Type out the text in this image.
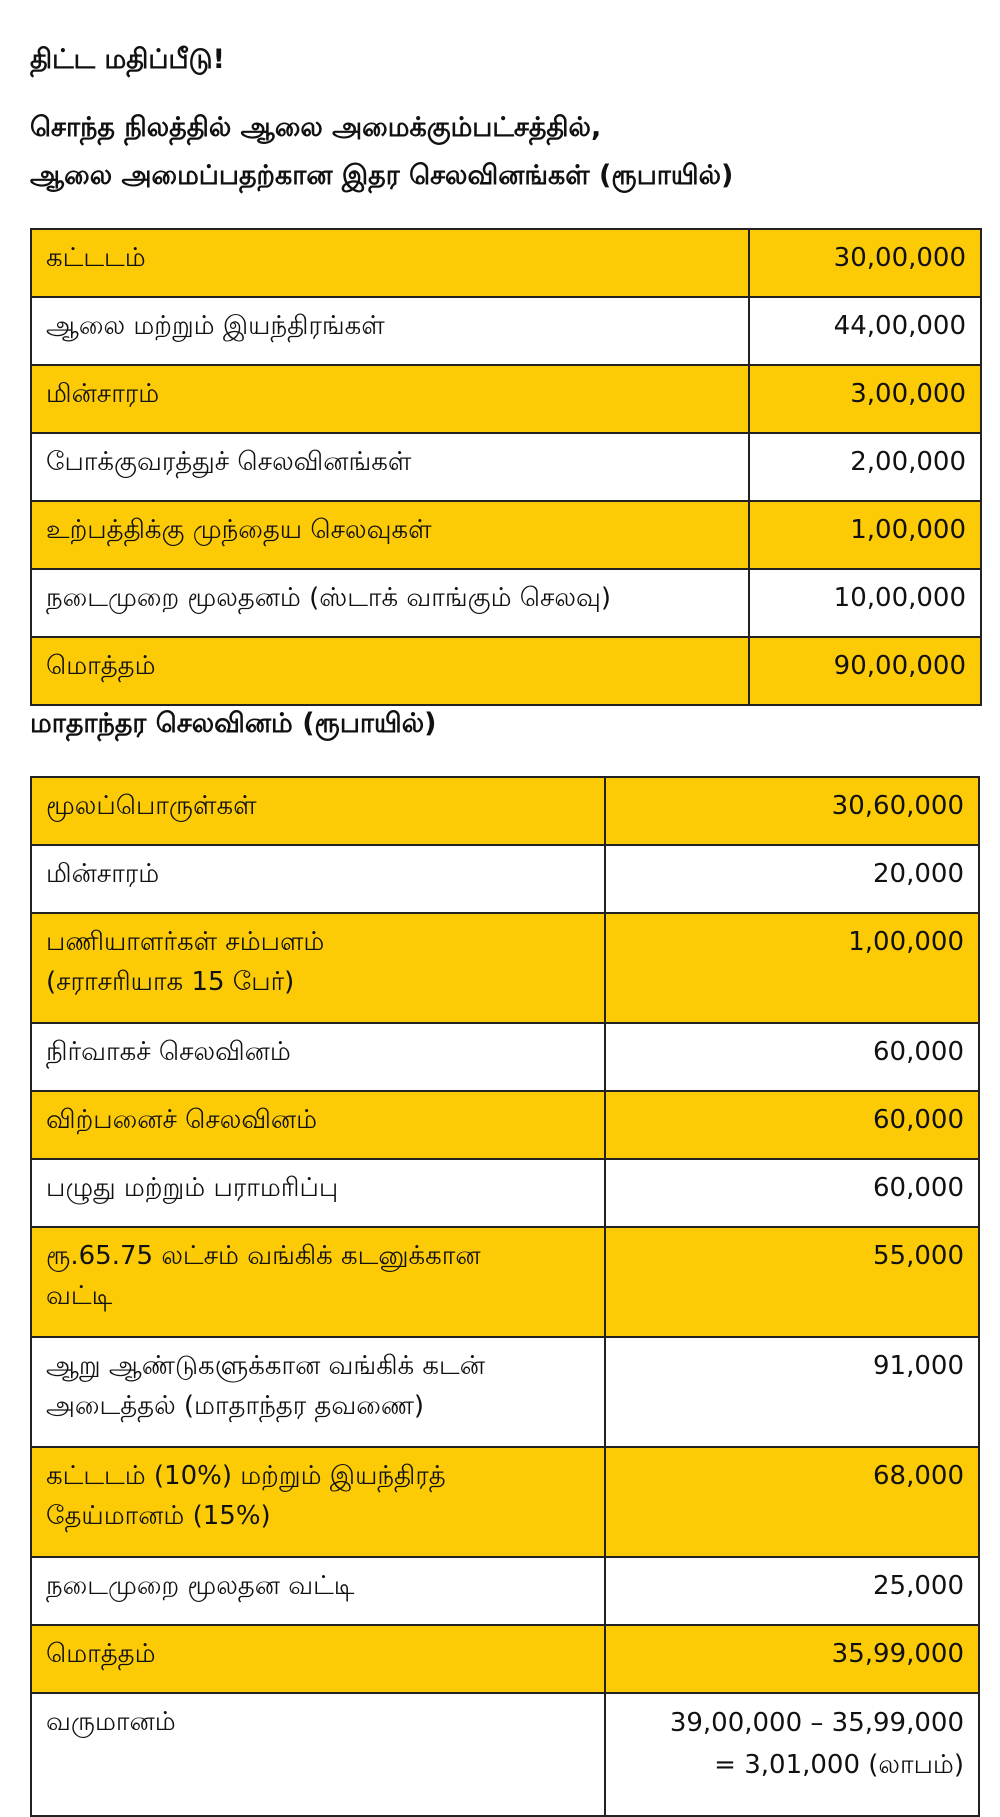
திட்ட மதிப்பீடு!
சொந்த நிலத்தில் ஆலை அமைக்கும்பட்சத்தில்,
ஆலை அமைப்பதற்கான இதர செலவினங்கள் (ரூபாயில்)
கட்டடம்	30,00,000
ஆலை மற்றும் இயந்திரங்கள்	44,00,000
மின்சாரம்	3,00,000
போக்குவரத்துச் செலவினங்கள்	2,00,000
உற்பத்திக்கு முந்தைய செலவுகள்	1,00,000
நடைமுறை மூலதனம் (ஸ்டாக் வாங்கும் செலவு)	10,00,000
மொத்தம்	90,00,000
மாதாந்தர செலவினம் (ரூபாயில்)
மூலப்பொருள்கள்	30,60,000
மின்சாரம்	20,000
பணியாளர்கள் சம்பளம்
(சராசரியாக 15 பேர்)	1,00,000
நிர்வாகச் செலவினம்	60,000
விற்பனைச் செலவினம்	60,000
பழுது மற்றும் பராமரிப்பு	60,000
ரூ.65.75 லட்சம் வங்கிக் கடனுக்கான
வட்டி	55,000
ஆறு ஆண்டுகளுக்கான வங்கிக் கடன்
அடைத்தல் (மாதாந்தர தவணை)	91,000
கட்டடம் (10%) மற்றும் இயந்திரத்
தேய்மானம் (15%)	68,000
நடைமுறை மூலதன வட்டி	25,000
மொத்தம்	35,99,000
வருமானம்	39,00,000 – 35,99,000
= 3,01,000 (லாபம்)
